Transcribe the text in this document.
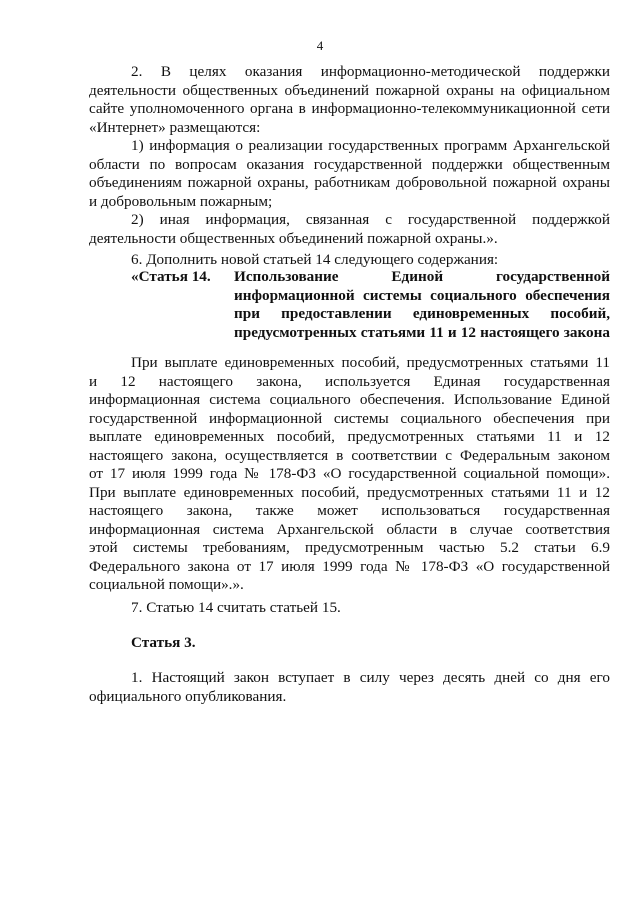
4
2. В целях оказания информационно-методической поддержки
деятельности общественных объединений пожарной охраны на официальном
сайте уполномоченного органа в информационно-телекоммуникационной сети
«Интернет» размещаются:
1) информация о реализации государственных программ Архангельской
области по вопросам оказания государственной поддержки общественным
объединениям пожарной охраны, работникам добровольной пожарной охраны
и добровольным пожарным;
2) иная информация, связанная с государственной поддержкой
деятельности общественных объединений пожарной охраны.».
6. Дополнить новой статьей 14 следующего содержания:
«Статья 14. Использование Единой государственной
информационной системы социального обеспечения
при предоставлении единовременных пособий,
предусмотренных статьями 11 и 12 настоящего закона
При выплате единовременных пособий, предусмотренных статьями 11
и 12 настоящего закона, используется Единая государственная
информационная система социального обеспечения. Использование Единой
государственной информационной системы социального обеспечения при
выплате единовременных пособий, предусмотренных статьями 11 и 12
настоящего закона, осуществляется в соответствии с Федеральным законом
от 17 июля 1999 года № 178-ФЗ «О государственной социальной помощи».
При выплате единовременных пособий, предусмотренных статьями 11 и 12
настоящего закона, также может использоваться государственная
информационная система Архангельской области в случае соответствия
этой системы требованиям, предусмотренным частью 5.2 статьи 6.9
Федерального закона от 17 июля 1999 года № 178-ФЗ «О государственной
социальной помощи».».
7. Статью 14 считать статьей 15.
Статья 3.
1. Настоящий закон вступает в силу через десять дней со дня его
официального опубликования.
